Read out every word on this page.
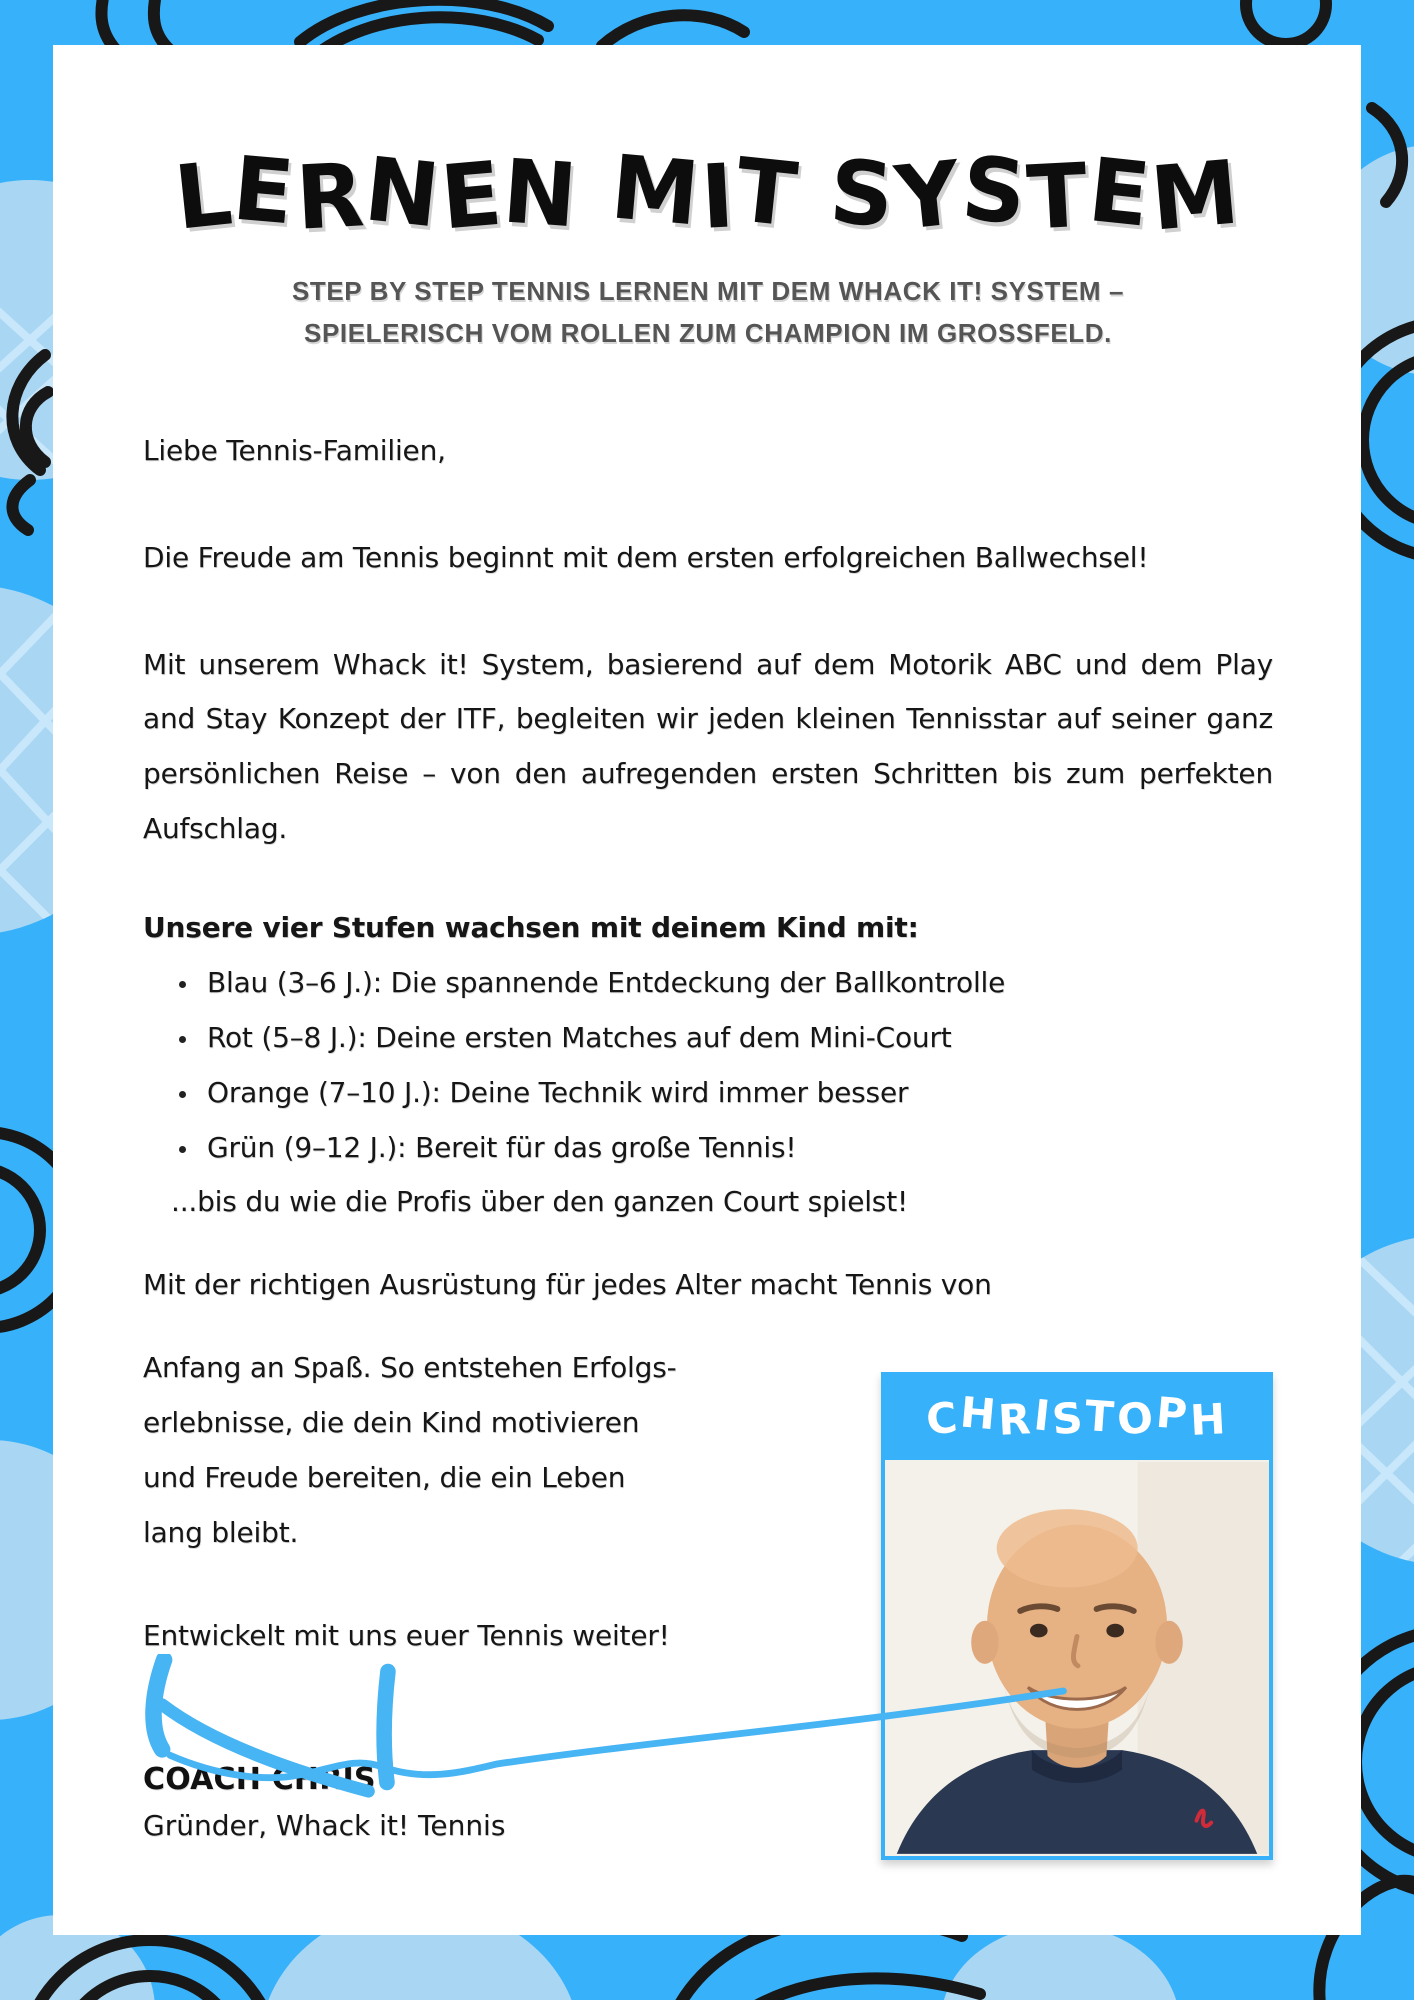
LERNEN MIT SYSTEM
STEP BY STEP TENNIS LERNEN MIT DEM WHACK IT! SYSTEM –
SPIELERISCH VOM ROLLEN ZUM CHAMPION IM GROSSFELD.
Liebe Tennis-Familien,

Die Freude am Tennis beginnt mit dem ersten erfolgreichen Ballwechsel!

Mit unserem Whack it! System, basierend auf dem Motorik ABC und dem Play and Stay Konzept der ITF, begleiten wir jeden kleinen Tennisstar auf seiner ganz persönlichen Reise – von den aufregenden ersten Schritten bis zum perfekten Aufschlag.

Unsere vier Stufen wachsen mit deinem Kind mit:
Blau (3–6 J.): Die spannende Entdeckung der Ballkontrolle
Rot (5–8 J.): Deine ersten Matches auf dem Mini-Court
Orange (7–10 J.): Deine Technik wird immer besser
Grün (9–12 J.): Bereit für das große Tennis!
...bis du wie die Profis über den ganzen Court spielst!

Mit der richtigen Ausrüstung für jedes Alter macht Tennis von

Anfang an Spaß. So entstehen Erfolgs-
erlebnisse, die dein Kind motivieren
und Freude bereiten, die ein Leben
lang bleibt.
Entwickelt mit uns euer Tennis weiter!
COACH CHRIS
Gründer, Whack it! Tennis
CHRISTOPH
